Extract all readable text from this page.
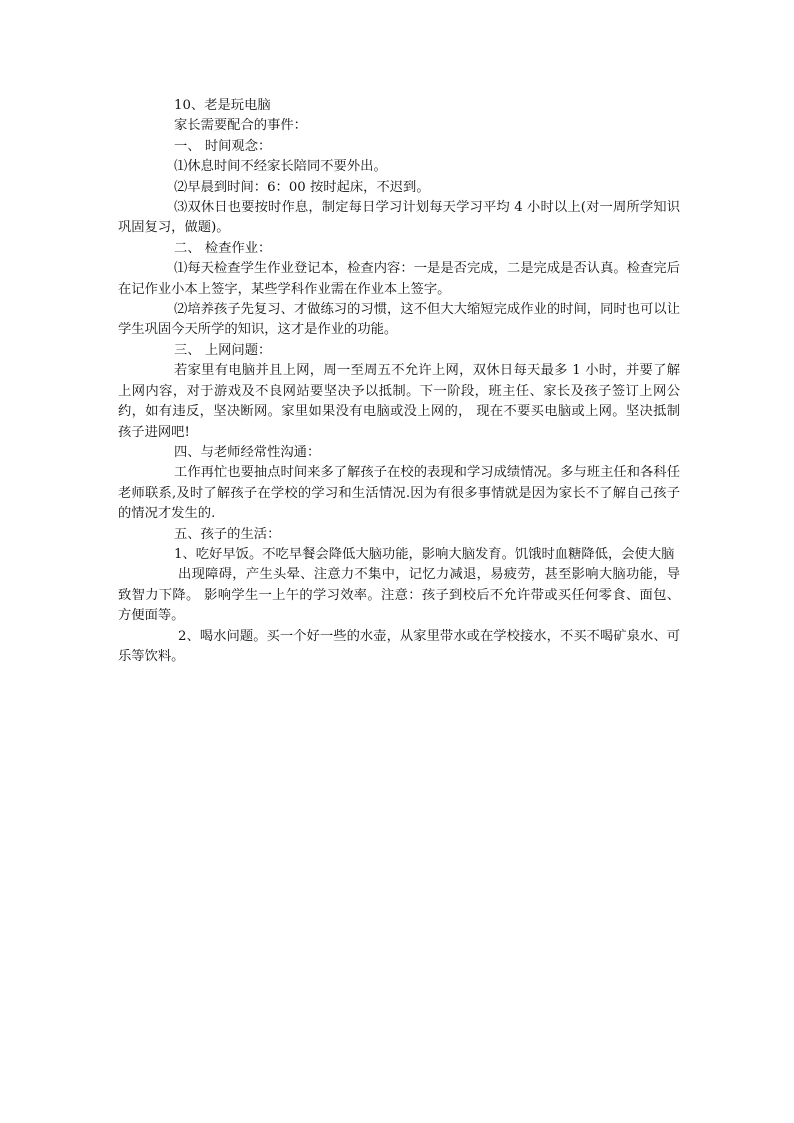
10、老是玩电脑

家长需要配合的事件：

一、 时间观念：

⑴休息时间不经家长陪同不要外出。

⑵早晨到时间：6：00 按时起床，不迟到。

⑶双休日也要按时作息，制定每日学习计划每天学习平均 4 小时以上(对一周所学知识巩固复习，做题)。

二、 检查作业：

⑴每天检查学生作业登记本，检查内容：一是是否完成，二是完成是否认真。检查完后在记作业小本上签字，某些学科作业需在作业本上签字。

⑵培养孩子先复习、才做练习的习惯，这不但大大缩短完成作业的时间，同时也可以让学生巩固今天所学的知识，这才是作业的功能。

三、 上网问题：

若家里有电脑并且上网，周一至周五不允许上网，双休日每天最多 1 小时，并要了解上网内容，对于游戏及不良网站要坚决予以抵制。下一阶段，班主任、家长及孩子签订上网公约，如有违反，坚决断网。家里如果没有电脑或没上网的， 现在不要买电脑或上网。坚决抵制孩子进网吧!

四、与老师经常性沟通：

工作再忙也要抽点时间来多了解孩子在校的表现和学习成绩情况。多与班主任和各科任老师联系,及时了解孩子在学校的学习和生活情况.因为有很多事情就是因为家长不了解自己孩子的情况才发生的.

五、孩子的生活：

1、吃好早饭。不吃早餐会降低大脑功能，影响大脑发育。饥饿时血糖降低，会使大脑

出现障碍，产生头晕、注意力不集中，记忆力减退，易疲劳，甚至影响大脑功能，导致智力下降。 影响学生一上午的学习效率。注意：孩子到校后不允许带或买任何零食、面包、方便面等。

2、喝水问题。买一个好一些的水壶，从家里带水或在学校接水，不买不喝矿泉水、可乐等饮料。
